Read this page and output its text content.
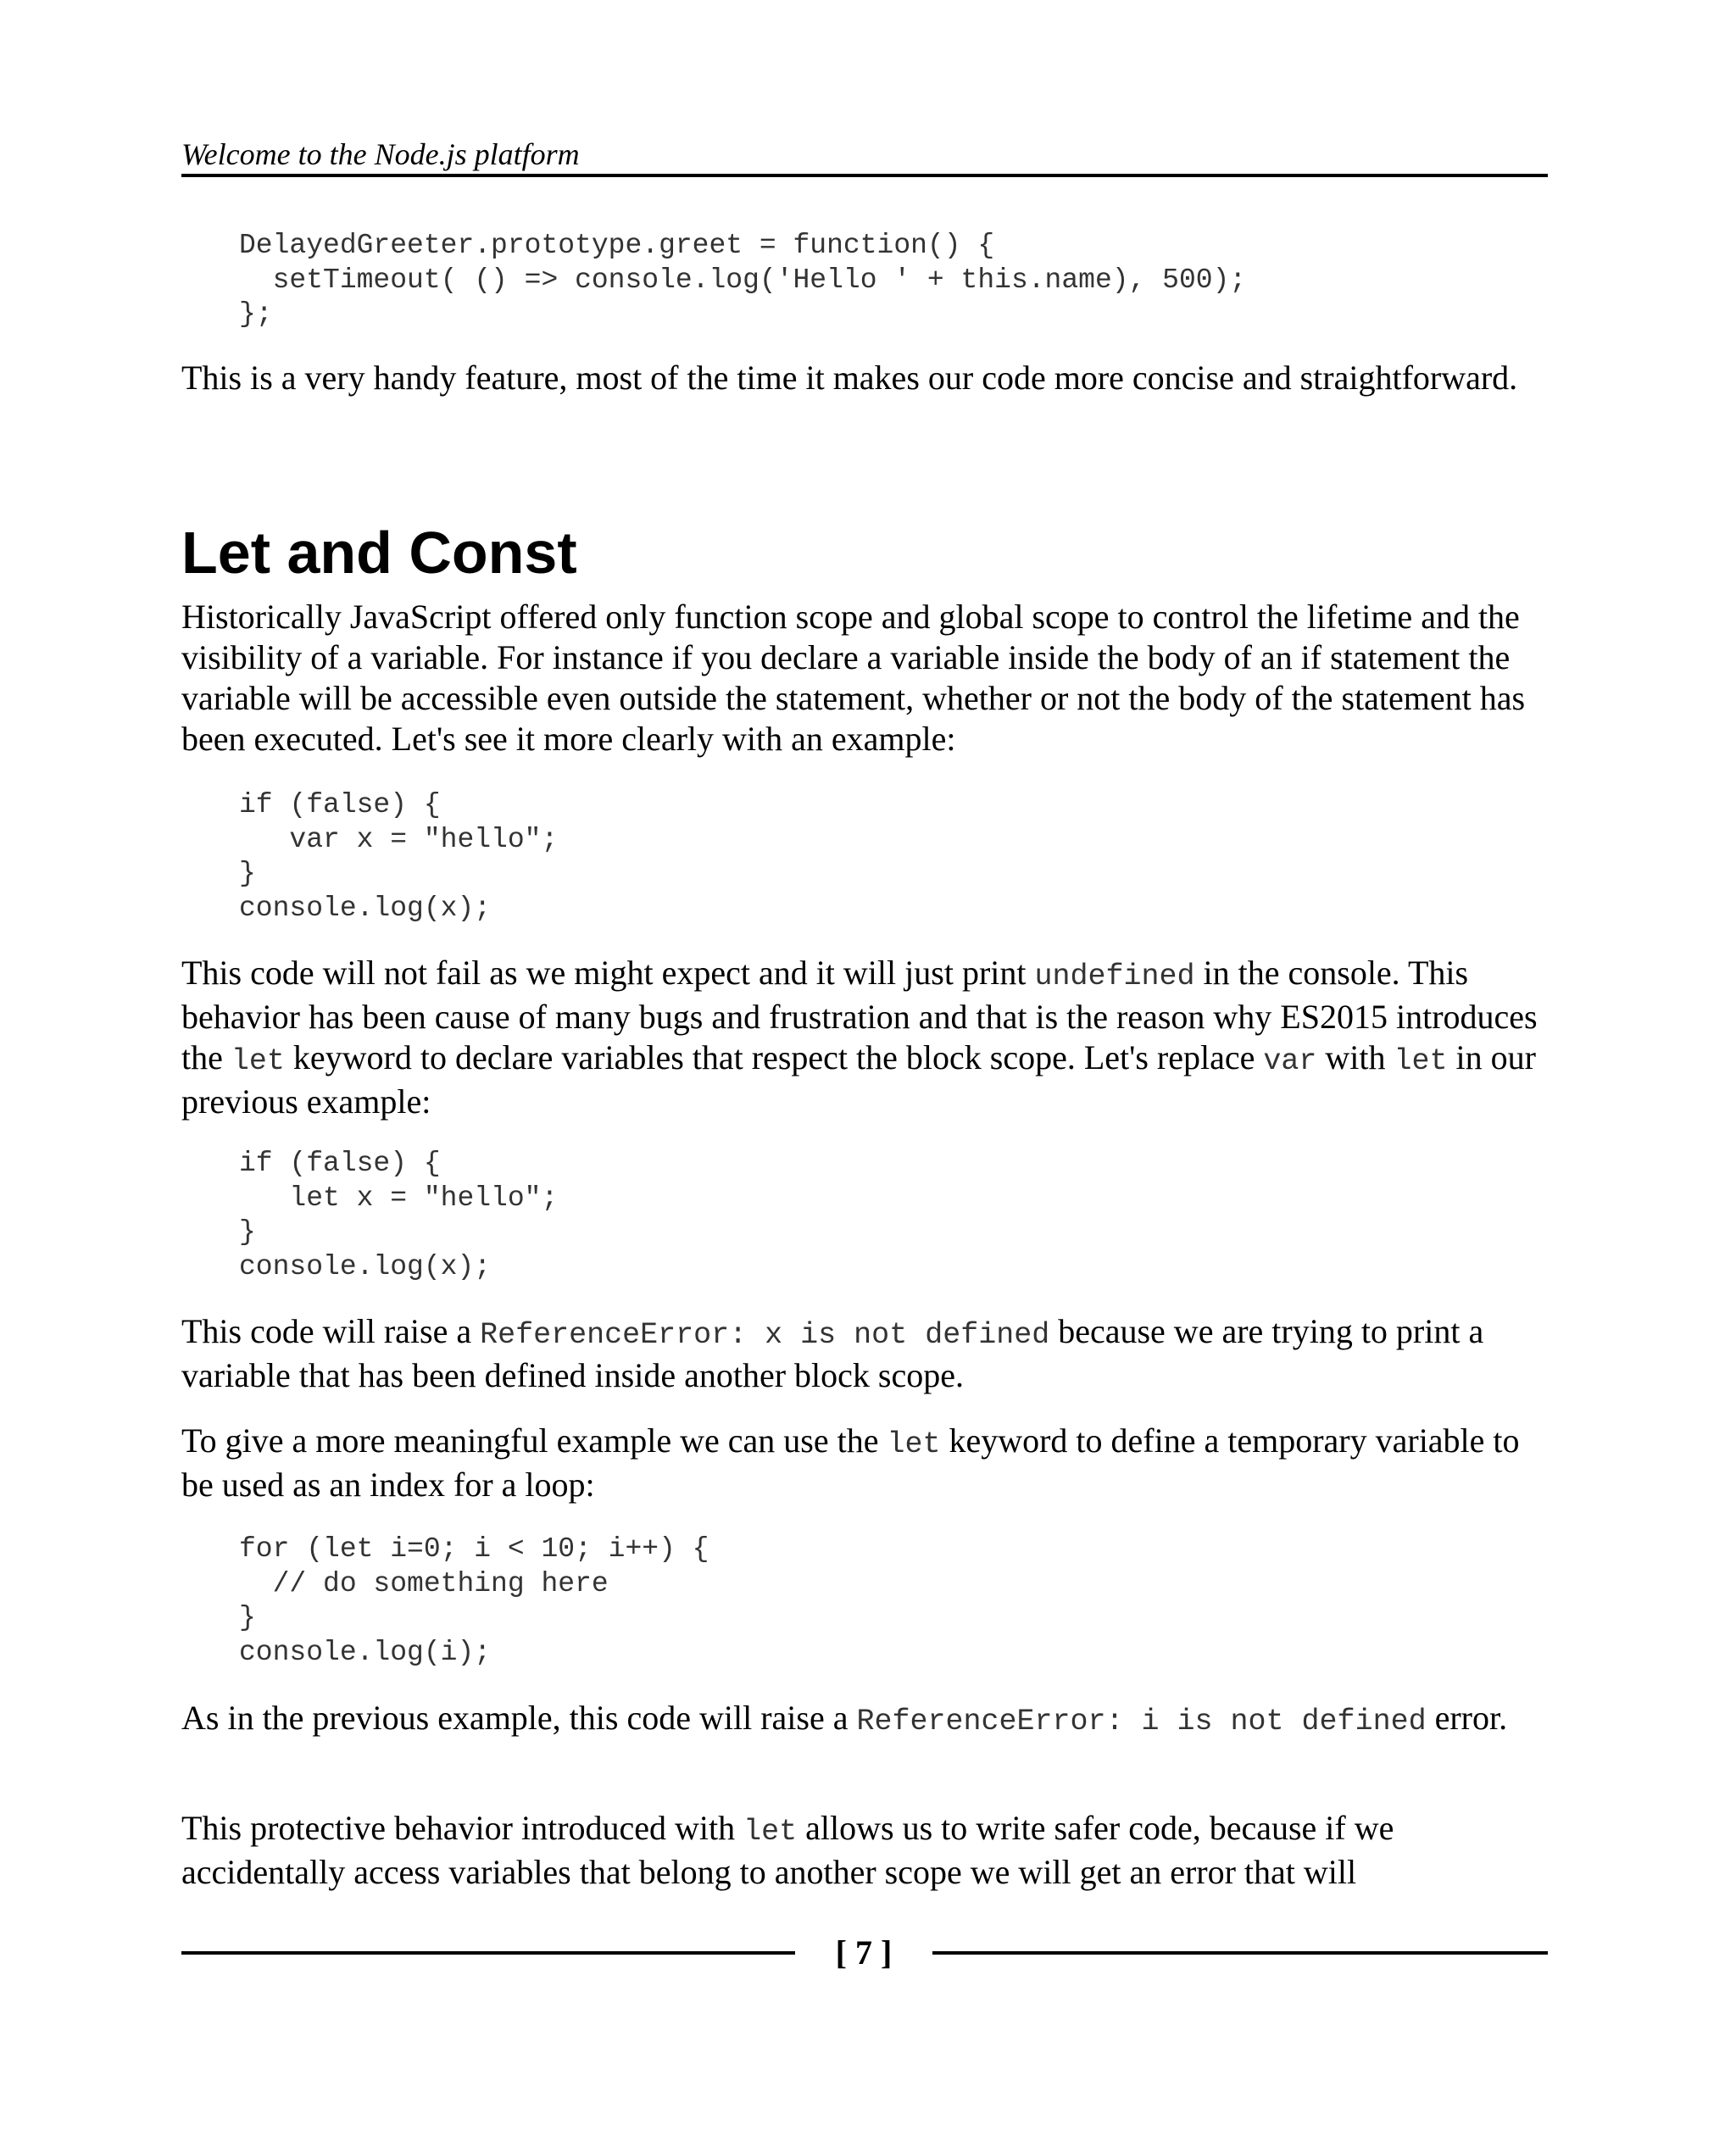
Welcome to the Node.js platform
DelayedGreeter.prototype.greet = function() {
setTimeout( () => console.log('Hello ' + this.name), 500);
};

This is a very handy feature, most of the time it makes our code more concise and straightforward.

Let and Const

Historically JavaScript offered only function scope and global scope to control the lifetime and the visibility of a variable. For instance if you declare a variable inside the body of an if statement the variable will be accessible even outside the statement, whether or not the body of the statement has been executed. Let's see it more clearly with an example:

if (false) {
var x = "hello";
}
console.log(x);

This code will not fail as we might expect and it will just print undefined in the console. This behavior has been cause of many bugs and frustration and that is the reason why ES2015 introduces the let keyword to declare variables that respect the block scope. Let's replace var with let in our previous example:

if (false) {
let x = "hello";
}
console.log(x);

This code will raise a ReferenceError: x is not defined because we are trying to print a variable that has been defined inside another block scope.

To give a more meaningful example we can use the let keyword to define a temporary variable to be used as an index for a loop:

for (let i=0; i < 10; i++) {
// do something here
}
console.log(i);

As in the previous example, this code will raise a ReferenceError: i is not defined error.

This protective behavior introduced with let allows us to write safer code, because if we accidentally access variables that belong to another scope we will get an error that will

[ 7 ]
